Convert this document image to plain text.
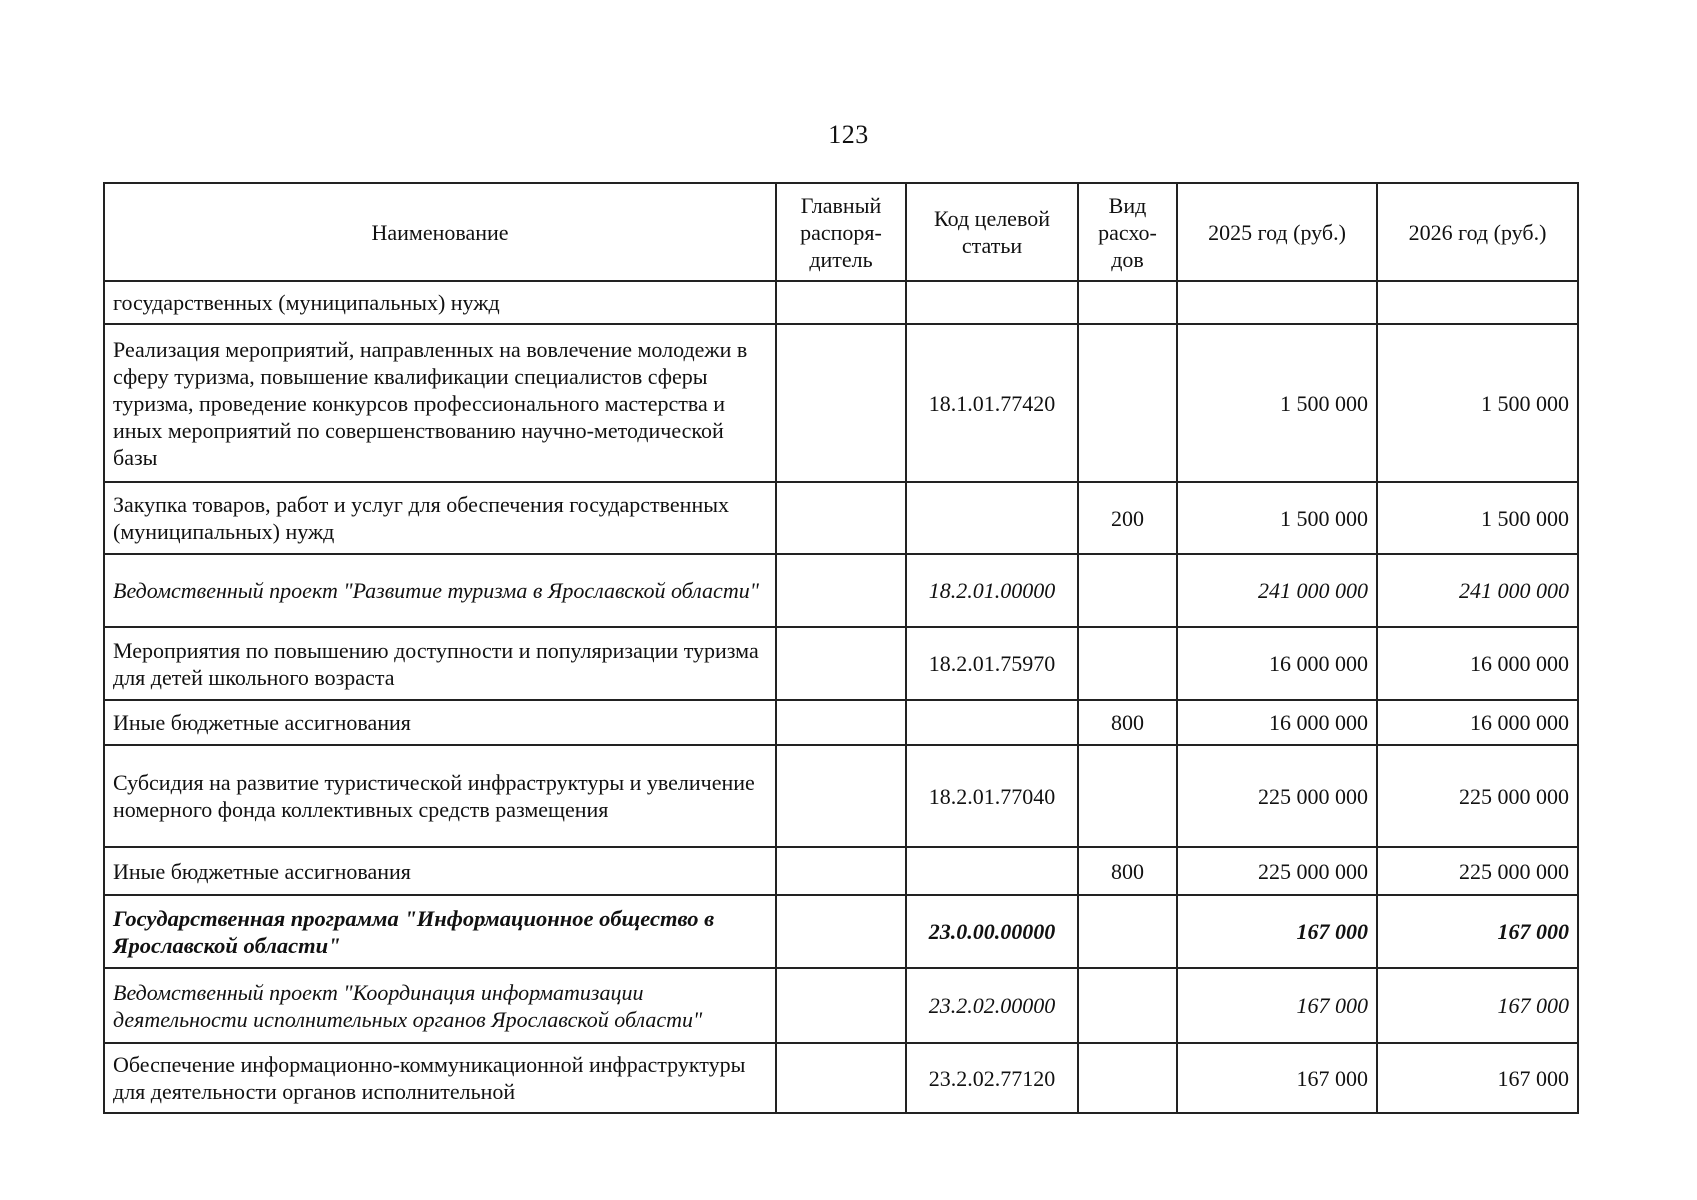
123
Наименование	Главный распоря-дитель	Код целевой статьи	Вид расхо-дов	2025 год (руб.)	2026 год (руб.)
государственных (муниципальных) нужд					
Реализация мероприятий, направленных на вовлечение молодежи в сферу туризма, повышение квалификации специалистов сферы туризма, проведение конкурсов профессионального мастерства и иных мероприятий по совершенствованию научно-методической базы		18.1.01.77420		1 500 000	1 500 000
Закупка товаров, работ и услуг для обеспечения государственных (муниципальных) нужд			200	1 500 000	1 500 000
Ведомственный проект "Развитие туризма в Ярославской области"		18.2.01.00000		241 000 000	241 000 000
Мероприятия по повышению доступности и популяризации туризма для детей школьного возраста		18.2.01.75970		16 000 000	16 000 000
Иные бюджетные ассигнования			800	16 000 000	16 000 000
Субсидия на развитие туристической инфраструктуры и увеличение номерного фонда коллективных средств размещения		18.2.01.77040		225 000 000	225 000 000
Иные бюджетные ассигнования			800	225 000 000	225 000 000
Государственная программа "Информационное общество в Ярославской области"		23.0.00.00000		167 000	167 000
Ведомственный проект "Координация информатизации деятельности исполнительных органов Ярославской области"		23.2.02.00000		167 000	167 000
Обеспечение информационно-коммуникационной инфраструктуры для деятельности органов исполнительной		23.2.02.77120		167 000	167 000
